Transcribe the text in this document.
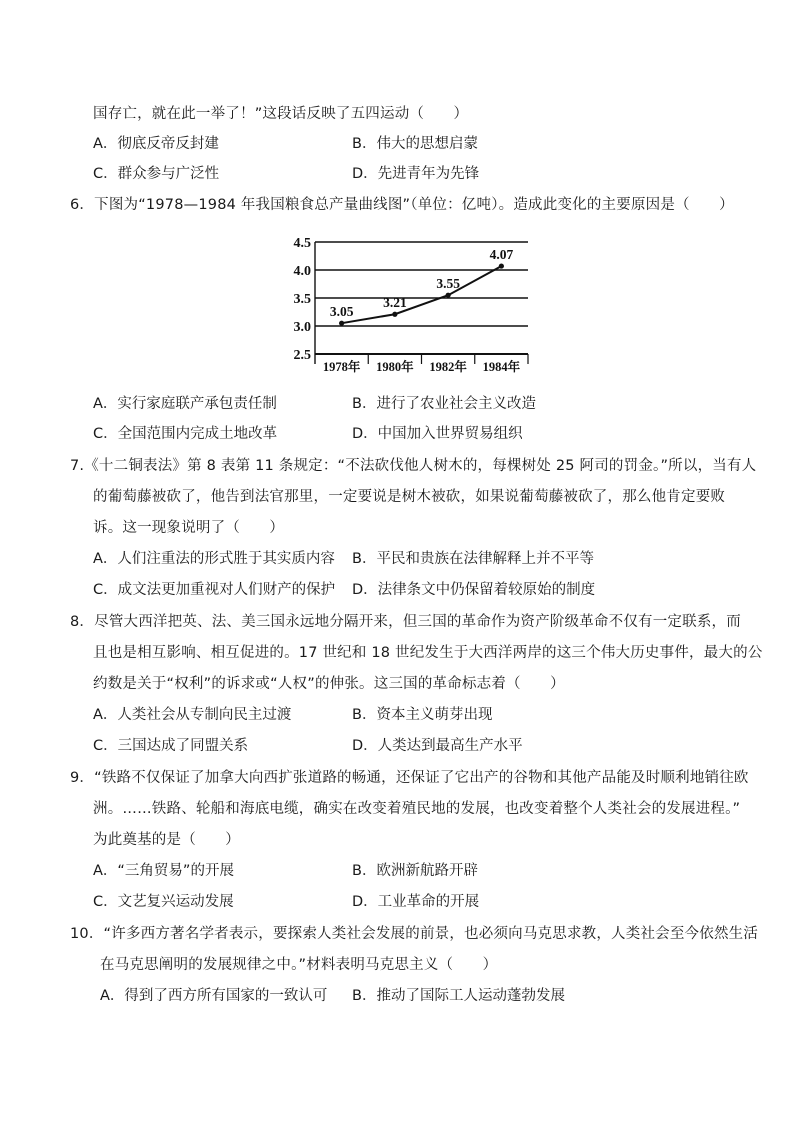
国存亡，就在此一举了！”这段话反映了五四运动（　　）
A．彻底反帝反封建	B．伟大的思想启蒙
C．群众参与广泛性	D．先进青年为先锋
6．下图为“1978—1984 年我国粮食总产量曲线图”（单位：亿吨）。造成此变化的主要原因是（　　）
4.5
4.0
3.5
3.0
2.5
1978年 1980年 1982年 1984年
3.05
3.21
3.55
4.07
A．实行家庭联产承包责任制	B．进行了农业社会主义改造
C．全国范围内完成土地改革	D．中国加入世界贸易组织
7.《十二铜表法》第 8 表第 11 条规定：“不法砍伐他人树木的，每棵树处 25 阿司的罚金。”所以，当有人
的葡萄藤被砍了，他告到法官那里，一定要说是树木被砍，如果说葡萄藤被砍了，那么他肯定要败
诉。这一现象说明了（　　）
A．人们注重法的形式胜于其实质内容 B．平民和贵族在法律解释上并不平等
C．成文法更加重视对人们财产的保护 D．法律条文中仍保留着较原始的制度
8．尽管大西洋把英、法、美三国永远地分隔开来，但三国的革命作为资产阶级革命不仅有一定联系，而
且也是相互影响、相互促进的。17 世纪和 18 世纪发生于大西洋两岸的这三个伟大历史事件，最大的公
约数是关于“权利”的诉求或“人权”的伸张。这三国的革命标志着（　　）
A．人类社会从专制向民主过渡	B．资本主义萌芽出现
C．三国达成了同盟关系	D．人类达到最高生产水平
9．“铁路不仅保证了加拿大向西扩张道路的畅通，还保证了它出产的谷物和其他产品能及时顺利地销往欧
洲。……铁路、轮船和海底电缆，确实在改变着殖民地的发展，也改变着整个人类社会的发展进程。”
为此奠基的是（　　）
A．“三角贸易”的开展	B．欧洲新航路开辟
C．文艺复兴运动发展	D．工业革命的开展
10．“许多西方著名学者表示，要探索人类社会发展的前景，也必须向马克思求教，人类社会至今依然生活
在马克思阐明的发展规律之中。”材料表明马克思主义（　　）
A．得到了西方所有国家的一致认可 B．推动了国际工人运动蓬勃发展
